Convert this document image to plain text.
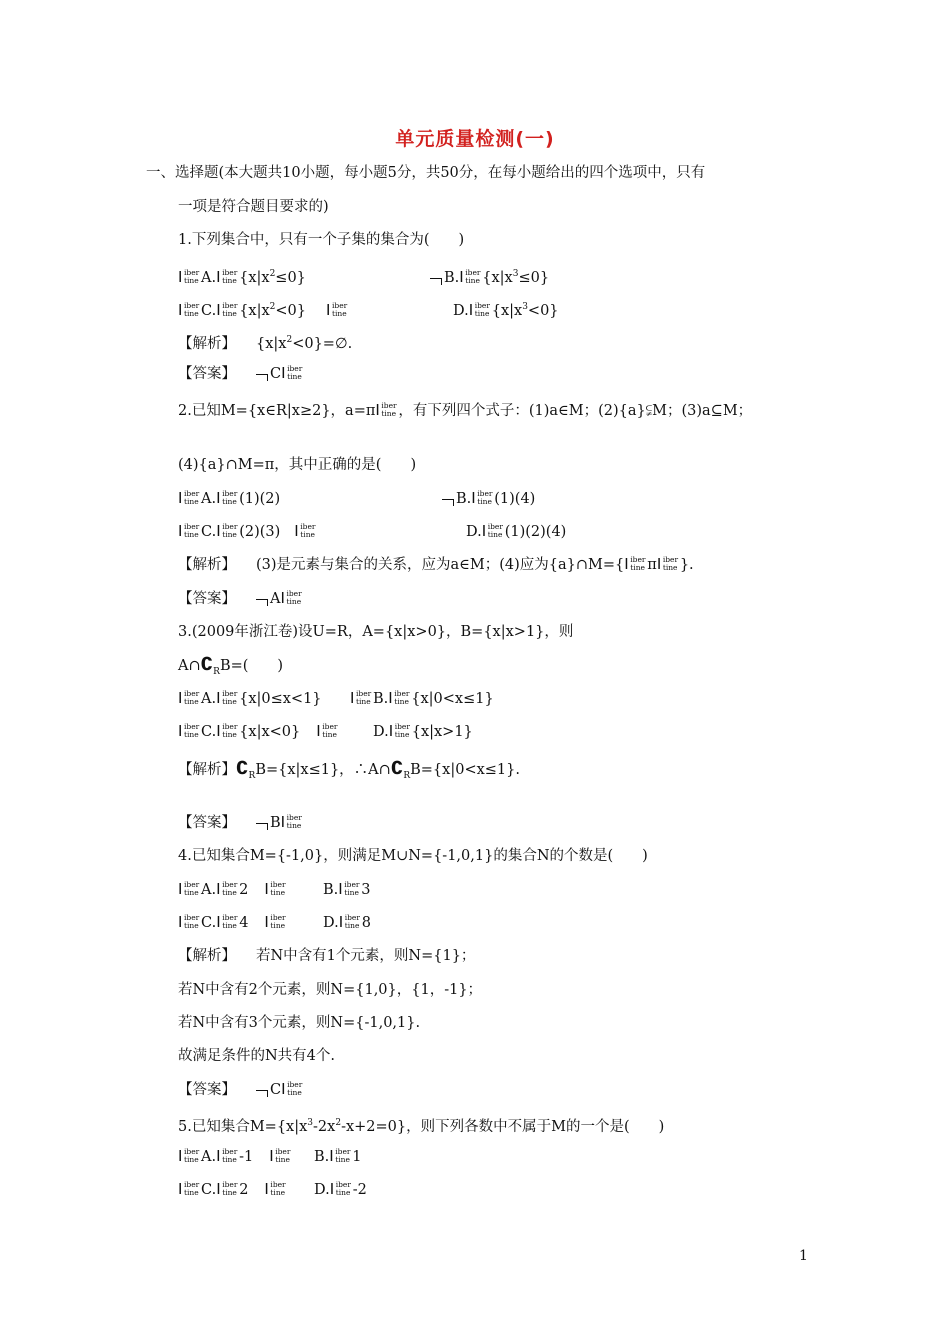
单元质量检测(一)
一、选择题(本大题共10小题，每小题5分，共50分，在每小题给出的四个选项中，只有
一项是符合题目要求的)
1.下列集合中，只有一个子集的集合为(　　)
I iber tineA.I iber tine $\{x|x^2\le 0\}$	B.I iber tine $\{x|x^3\le 0\}$
I iber tineC.I iber tine $\{x|x^2<0\}I$ iber tine	D.I iber tine $\{x|x^3<0\}$
【解析】 $\{x|x^2<0\}=\emptyset$.
【答案】 CI iber tine
2.已知M={x∈R|x≥2}，a=πI iber tine ，有下列四个式子：(1)a∈M；(2){a}⫋M；(3)a⊆M；
(4){a}∩M=π，其中正确的是(　　)
I iber tineA.I iber tine (1)(2)	B.I iber tine (1)(4)
I iber tineC.I iber tine (2)(3)I iber tine	D.I iber tine (1)(2)(4)
【解析】 (3)是元素与集合的关系，应为a∈M；(4)应为{a}∩M={I iber tine πI iber tine }.
【答案】 AI iber tine
3.(2009年浙江卷)设U=R，A={x|x>0}，B={x|x>1}，则
$A\cap∁_RB=$(　　)
I iber tineA.I iber tine {x|0≤x<1}
I iber tine	B.I iber tine {x|0<x≤1}
I iber tineC.I iber tine {x|x<0}I iber tine	D.I iber tine {x|x>1}
【解析】$∁_RB=\{x|x\le 1\}$，$\therefore A\cap∁_RB=\{x|0<x\le 1\}$.
【答案】 BI iber tine
4.已知集合M={-1,0}，则满足M∪N={-1,0,1}的集合N的个数是(　　)
I iber tineA.I iber tine 2I iber tine	B.I iber tine 3
I iber tineC.I iber tine 4I iber tine	D.I iber tine 8
【解析】 若N中含有1个元素，则N={1}；
若N中含有2个元素，则N={1,0}，{1，-1}；
若N中含有3个元素，则N={-1,0,1}.
故满足条件的N共有4个.
【答案】 CI iber tine
5.已知集合$M=\{x|x^3-2x^2-x+2=0\}$，则下列各数中不属于M的一个是(　　)
I iber tineA.I iber tine -1I iber tine	B.I iber tine 1
I iber tineC.I iber tine 2I iber tine	D.I iber tine -2
1
